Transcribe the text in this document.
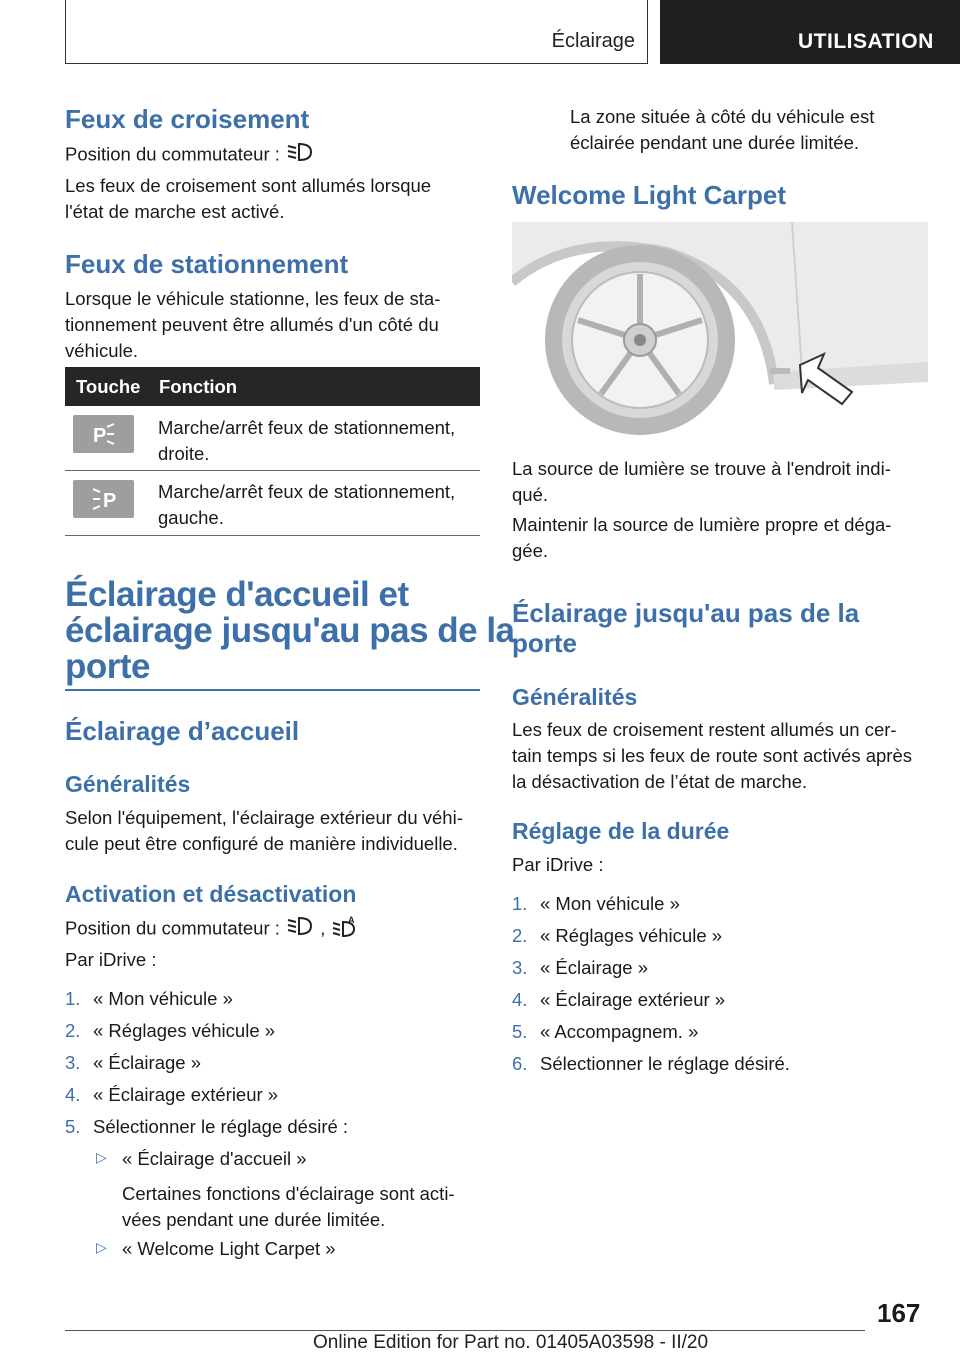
Éclairage	UTILISATION
Feux de croisement
Position du commutateur :
Les feux de croisement sont allumés lorsque
l'état de marche est activé.
Feux de stationnement
Lorsque le véhicule stationne, les feux de sta-
tionnement peuvent être allumés d'un côté du
véhicule.
Touche Fonction
P	Marche/arrêt feux de stationnement,
droite.
P Marche/arrêt feux de stationnement,
gauche.
Éclairage d'accueil et
éclairage jusqu'au pas de la
porte
Éclairage d’accueil
Généralités
Selon l'équipement, l'éclairage extérieur du véhi-
cule peut être configuré de manière individuelle.
Activation et désactivation
Position du commutateur : ,	A
Par iDrive :
1. « Mon véhicule »
2. « Réglages véhicule »
3. « Éclairage »
4. « Éclairage extérieur »
5. Sélectionner le réglage désiré :
▷ « Éclairage d'accueil »
Certaines fonctions d'éclairage sont acti-
vées pendant une durée limitée.
▷ « Welcome Light Carpet »
La zone située à côté du véhicule est
éclairée pendant une durée limitée.
Welcome Light Carpet
La source de lumière se trouve à l'endroit indi-
qué.
Maintenir la source de lumière propre et déga-
gée.
Éclairage jusqu'au pas de la
porte
Généralités
Les feux de croisement restent allumés un cer-
tain temps si les feux de route sont activés après
la désactivation de l’état de marche.
Réglage de la durée
Par iDrive :
1. « Mon véhicule »
2. « Réglages véhicule »
3. « Éclairage »
4. « Éclairage extérieur »
5. « Accompagnem. »
6. Sélectionner le réglage désiré.
167
Online Edition for Part no. 01405A03598 - II/20
